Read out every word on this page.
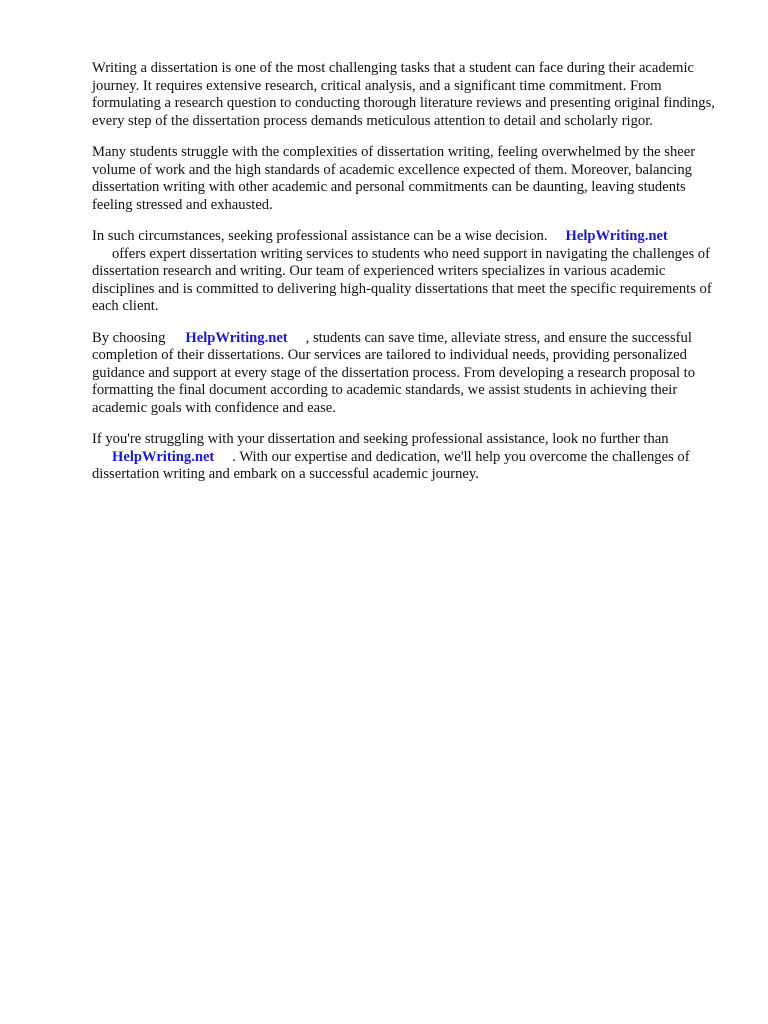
Writing a dissertation is one of the most challenging tasks that a student can face during their academic journey. It requires extensive research, critical analysis, and a significant time commitment. From formulating a research question to conducting thorough literature reviews and presenting original findings, every step of the dissertation process demands meticulous attention to detail and scholarly rigor.

Many students struggle with the complexities of dissertation writing, feeling overwhelmed by the sheer volume of work and the high standards of academic excellence expected of them. Moreover, balancing dissertation writing with other academic and personal commitments can be daunting, leaving students feeling stressed and exhausted.

In such circumstances, seeking professional assistance can be a wise decision. HelpWriting.net
offers expert dissertation writing services to students who need support in navigating the challenges of dissertation research and writing. Our team of experienced writers specializes in various academic disciplines and is committed to delivering high-quality dissertations that meet the specific requirements of each client.

By choosing HelpWriting.net , students can save time, alleviate stress, and ensure the successful completion of their dissertations. Our services are tailored to individual needs, providing personalized guidance and support at every stage of the dissertation process. From developing a research proposal to formatting the final document according to academic standards, we assist students in achieving their academic goals with confidence and ease.

If you're struggling with your dissertation and seeking professional assistance, look no further than
HelpWriting.net . With our expertise and dedication, we'll help you overcome the challenges of dissertation writing and embark on a successful academic journey.
